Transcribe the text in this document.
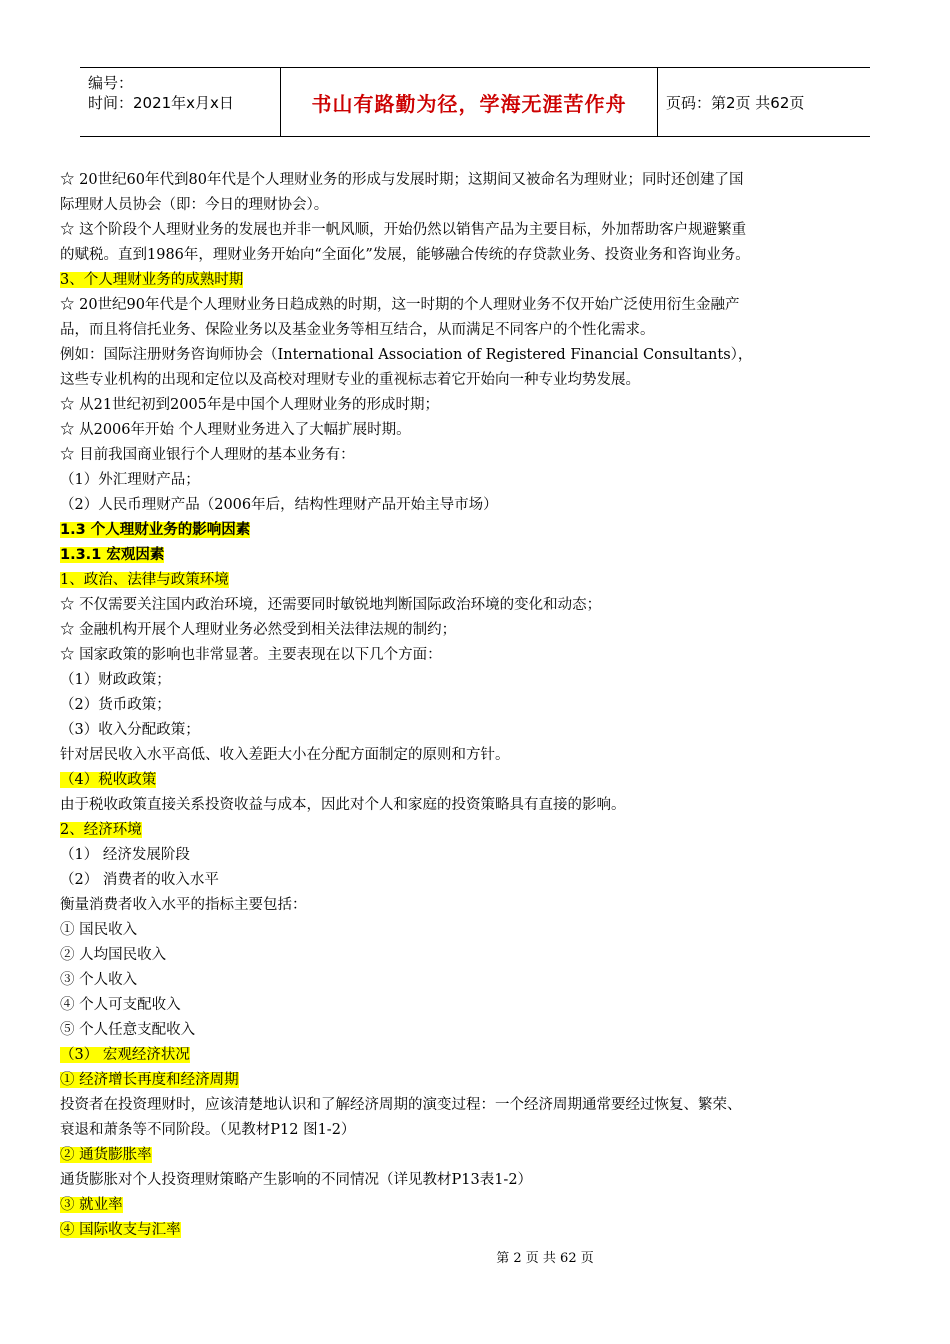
编号：
时间：2021年x月x日	书山有路勤为径，学海无涯苦作舟	页码：第2页 共62页
☆ 20世纪60年代到80年代是个人理财业务的形成与发展时期；这期间又被命名为理财业；同时还创建了国
际理财人员协会（即：今日的理财协会）。
☆ 这个阶段个人理财业务的发展也并非一帆风顺，开始仍然以销售产品为主要目标，外加帮助客户规避繁重
的赋税。直到1986年，理财业务开始向“全面化”发展，能够融合传统的存贷款业务、投资业务和咨询业务。
3、个人理财业务的成熟时期
☆ 20世纪90年代是个人理财业务日趋成熟的时期，这一时期的个人理财业务不仅开始广泛使用衍生金融产
品，而且将信托业务、保险业务以及基金业务等相互结合，从而满足不同客户的个性化需求。
例如：国际注册财务咨询师协会（International Association of Registered Financial Consultants），
这些专业机构的出现和定位以及高校对理财专业的重视标志着它开始向一种专业均势发展。
☆ 从21世纪初到2005年是中国个人理财业务的形成时期；
☆ 从2006年开始 个人理财业务进入了大幅扩展时期。
☆ 目前我国商业银行个人理财的基本业务有：
（1）外汇理财产品；
（2）人民币理财产品（2006年后，结构性理财产品开始主导市场）
1.3 个人理财业务的影响因素
1.3.1 宏观因素
1、政治、法律与政策环境
☆ 不仅需要关注国内政治环境，还需要同时敏锐地判断国际政治环境的变化和动态；
☆ 金融机构开展个人理财业务必然受到相关法律法规的制约；
☆ 国家政策的影响也非常显著。主要表现在以下几个方面：
（1）财政政策；
（2）货币政策；
（3）收入分配政策；
针对居民收入水平高低、收入差距大小在分配方面制定的原则和方针。
（4）税收政策
由于税收政策直接关系投资收益与成本，因此对个人和家庭的投资策略具有直接的影响。
2、经济环境
（1） 经济发展阶段
（2） 消费者的收入水平
衡量消费者收入水平的指标主要包括：
① 国民收入
② 人均国民收入
③ 个人收入
④ 个人可支配收入
⑤ 个人任意支配收入
（3） 宏观经济状况
① 经济增长再度和经济周期
投资者在投资理财时，应该清楚地认识和了解经济周期的演变过程：一个经济周期通常要经过恢复、繁荣、
衰退和萧条等不同阶段。（见教材P12 图1-2）
② 通货膨胀率
通货膨胀对个人投资理财策略产生影响的不同情况（详见教材P13表1-2）
③ 就业率
④ 国际收支与汇率
第 2 页 共 62 页
